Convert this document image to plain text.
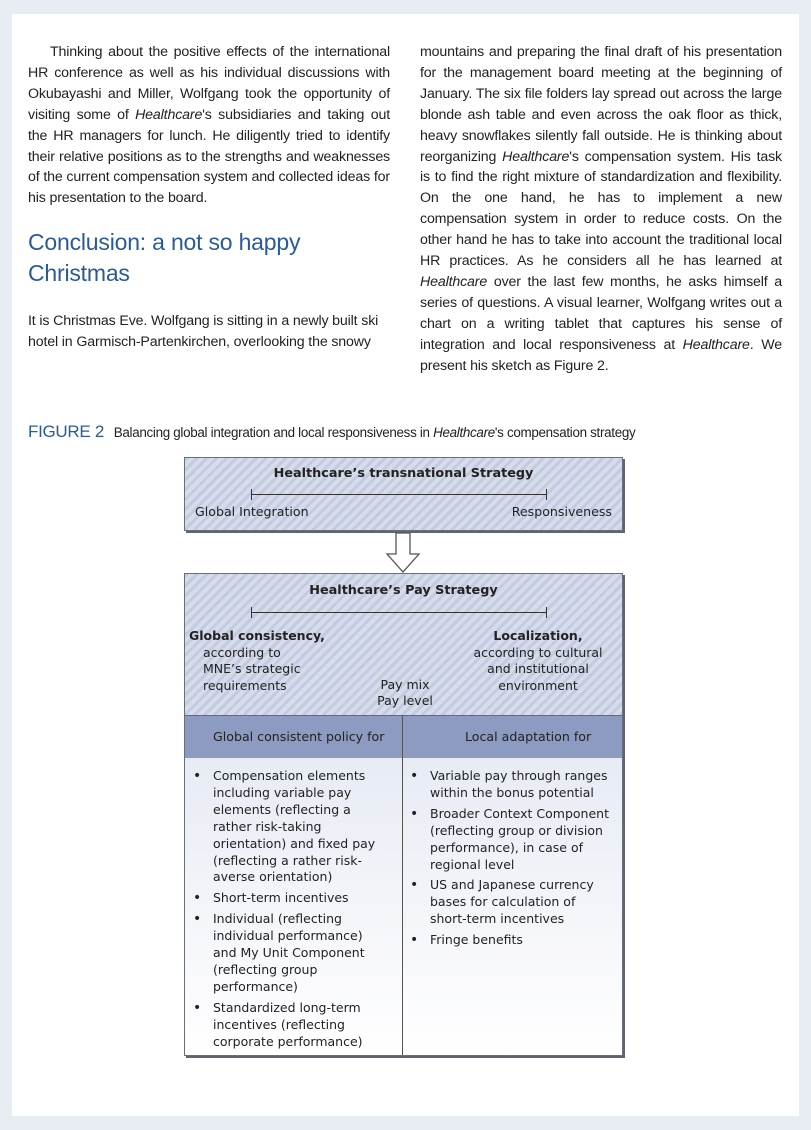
Thinking about the positive effects of the international HR conference as well as his individual discussions with Okubayashi and Miller, Wolfgang took the opportunity of visiting some of Healthcare's subsidiaries and taking out the HR managers for lunch. He diligently tried to identify their relative positions as to the strengths and weaknesses of the current compensation system and collected ideas for his presentation to the board.

Conclusion: a not so happy Christmas

It is Christmas Eve. Wolfgang is sitting in a newly built ski
hotel in Garmisch-Partenkirchen, overlooking the snowy

mountains and preparing the final draft of his presentation for the management board meeting at the beginning of January. The six file folders lay spread out across the large blonde ash table and even across the oak floor as thick, heavy snowflakes silently fall outside. He is thinking about reorganizing Healthcare's compensation system. His task is to find the right mixture of standardization and flexibility. On the one hand, he has to implement a new compensation system in order to reduce costs. On the other hand he has to take into account the traditional local HR practices. As he considers all he has learned at Healthcare over the last few months, he asks himself a series of questions. A visual learner, Wolfgang writes out a chart on a writing tablet that captures his sense of integration and local responsiveness at Healthcare. We present his sketch as Figure 2.

FIGURE 2 Balancing global integration and local responsiveness in Healthcare's compensation strategy
Healthcare’s transnational Strategy
Global Integration	Responsiveness
Healthcare’s Pay Strategy
Global consistency,
according to
MNE’s strategic
requirements
Localization,
according to cultural
and institutional
environment
Pay mix
Pay level
Global consistent policy for	Local adaptation for
• Compensation elements including variable pay elements (reflecting a rather risk-taking orientation) and fixed pay (reflecting a rather risk-averse orientation)
• Short-term incentives
• Individual (reflecting individual performance) and My Unit Component (reflecting group performance)
• Standardized long-term incentives (reflecting corporate performance)
• Variable pay through ranges within the bonus potential
• Broader Context Component (reflecting group or division performance), in case of regional level
• US and Japanese currency bases for calculation of short-term incentives
• Fringe benefits
